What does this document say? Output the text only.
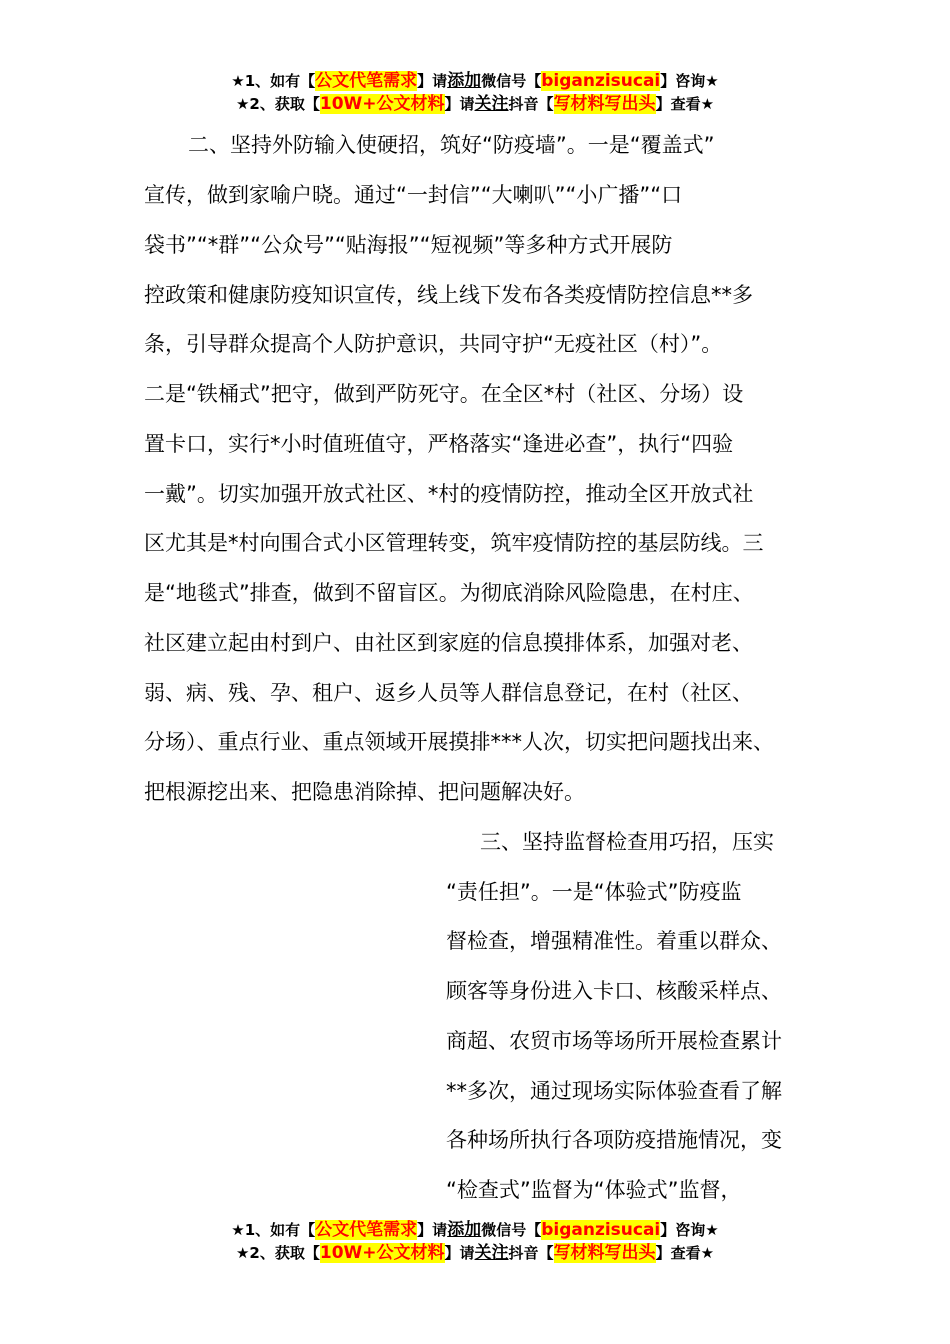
★1、如有【公文代笔需求】请添加微信号【biganzisucai】咨询★
★2、获取【10W+公文材料】请关注抖音【写材料写出头】查看★
二、坚持外防输入使硬招，筑好“防疫墙”。一是“覆盖式”
宣传，做到家喻户晓。通过“一封信”“大喇叭”“小广播”“口
袋书”“*群”“公众号”“贴海报”“短视频”等多种方式开展防
控政策和健康防疫知识宣传，线上线下发布各类疫情防控信息**多
条，引导群众提高个人防护意识，共同守护“无疫社区（村）”。
二是“铁桶式”把守，做到严防死守。在全区*村（社区、分场）设
置卡口，实行*小时值班值守，严格落实“逢进必查”，执行“四验
一戴”。切实加强开放式社区、*村的疫情防控，推动全区开放式社
区尤其是*村向围合式小区管理转变，筑牢疫情防控的基层防线。三
是“地毯式”排查，做到不留盲区。为彻底消除风险隐患，在村庄、
社区建立起由村到户、由社区到家庭的信息摸排体系，加强对老、
弱、病、残、孕、租户、返乡人员等人群信息登记，在村（社区、
分场）、重点行业、重点领域开展摸排***人次，切实把问题找出来、
把根源挖出来、把隐患消除掉、把问题解决好。
三、坚持监督检查用巧招，压实
“责任担”。一是“体验式”防疫监
督检查，增强精准性。着重以群众、
顾客等身份进入卡口、核酸采样点、
商超、农贸市场等场所开展检查累计
**多次，通过现场实际体验查看了解
各种场所执行各项防疫措施情况，变
“检查式”监督为“体验式”监督，
★1、如有【公文代笔需求】请添加微信号【biganzisucai】咨询★
★2、获取【10W+公文材料】请关注抖音【写材料写出头】查看★
